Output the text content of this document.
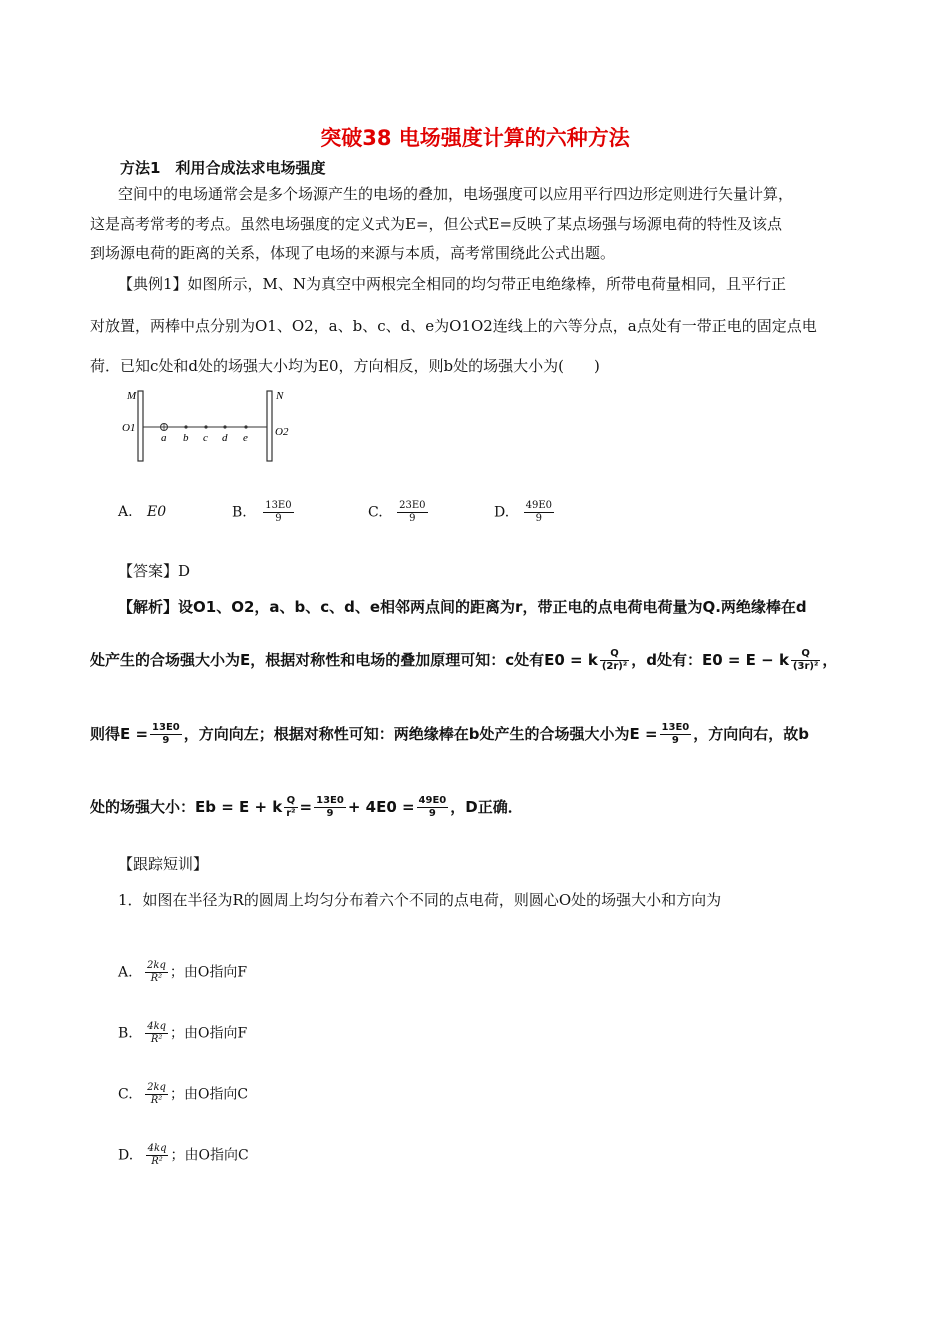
突破38 电场强度计算的六种方法
方法1　利用合成法求电场强度
空间中的电场通常会是多个场源产生的电场的叠加，电场强度可以应用平行四边形定则进行矢量计算，
这是高考常考的考点。虽然电场强度的定义式为E=，但公式E=反映了某点场强与场源电荷的特性及该点
到场源电荷的距离的关系，体现了电场的来源与本质，高考常围绕此公式出题。
【典例1】如图所示，M、N为真空中两根完全相同的均匀带正电绝缘棒，所带电荷量相同，且平行正
对放置，两棒中点分别为O1、O2，a、b、c、d、e为O1O2连线上的六等分点，a点处有一带正电的固定点电
荷．已知c处和d处的场强大小均为E0，方向相反，则b处的场强大小为(　　)
M	N
O1	O2
a b c d e
A. E0	B. $\frac{13E0}{9}$	C. $\frac{23E0}{9}$	D. $\frac{49E0}{9}$
【答案】D
【解析】设O1、O2，a、b、c、d、e相邻两点间的距离为r，带正电的点电荷电荷量为Q.两绝缘棒在d
处产生的合场强大小为E，根据对称性和电场的叠加原理可知：c处有E0 = k $\frac{Q}{\text{(2r)²}}$ ，d处有：E0 = E − k $\frac{Q}{\text{(3r)²}}$ ，
则得$E = \frac{13E0}{9}$ ，方向向左；根据对称性可知：两绝缘棒在b处产生的合场强大小为$E = \frac{13E0}{9}$ ，方向向右，故b
处的场强大小：Eb = E + k $\frac{Q}{\text{r²}} = \frac{13E0}{9} + 4E0 = \frac{49E0}{9}$ ，D正确．
【跟踪短训】
1．如图在半径为R的圆周上均匀分布着六个不同的点电荷，则圆心O处的场强大小和方向为
A. $\frac{2kq}{\text{R²}}$ ；由O指向F
B. $\frac{4kq}{\text{R²}}$ ；由O指向F
C. $\frac{2kq}{\text{R²}}$ ；由O指向C
D. $\frac{4kq}{\text{R²}}$ ；由O指向C
